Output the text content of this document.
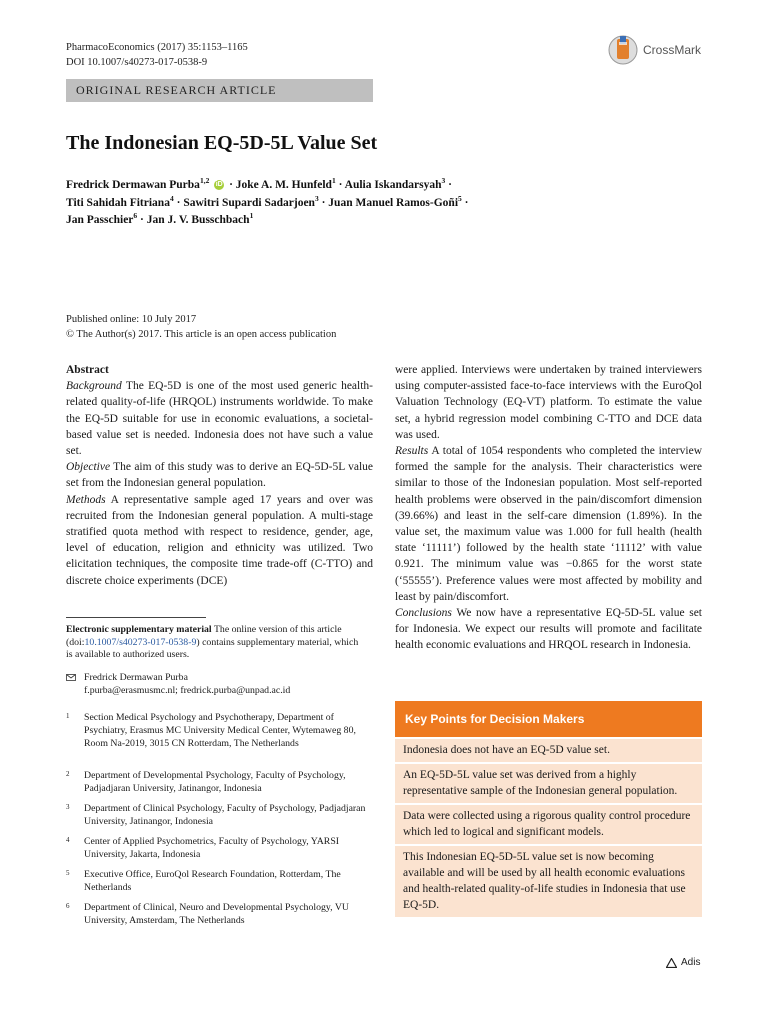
PharmacoEconomics (2017) 35:1153–1165
DOI 10.1007/s40273-017-0538-9
CrossMark
ORIGINAL RESEARCH ARTICLE
The Indonesian EQ-5D-5L Value Set
Fredrick Dermawan Purba$^{1,2}$ iD · Joke A. M. Hunfeld$^1$ · Aulia Iskandarsyah$^3$ ·
Titi Sahidah Fitriana$^4$ · Sawitri Supardi Sadarjoen$^3$ · Juan Manuel Ramos-Goñi$^5$ ·
Jan Passchier$^6$ · Jan J. V. Busschbach$^1$
Published online: 10 July 2017
© The Author(s) 2017. This article is an open access publication

Abstract

Background The EQ-5D is one of the most used generic health-related quality-of-life (HRQOL) instruments worldwide. To make the EQ-5D suitable for use in economic evaluations, a societal-based value set is needed. Indonesia does not have such a value set.

Objective The aim of this study was to derive an EQ-5D-5L value set from the Indonesian general population.

Methods A representative sample aged 17 years and over was recruited from the Indonesian general population. A multi-stage stratified quota method with respect to residence, gender, age, level of education, religion and ethnicity was utilized. Two elicitation techniques, the composite time trade-off (C-TTO) and discrete choice experiments (DCE)

were applied. Interviews were undertaken by trained interviewers using computer-assisted face-to-face interviews with the EuroQol Valuation Technology (EQ-VT) platform. To estimate the value set, a hybrid regression model combining C-TTO and DCE data was used.

Results A total of 1054 respondents who completed the interview formed the sample for the analysis. Their characteristics were similar to those of the Indonesian population. Most self-reported health problems were observed in the pain/discomfort dimension (39.66%) and least in the self-care dimension (1.89%). In the value set, the maximum value was 1.000 for full health (health state ‘11111’) followed by the health state ‘11112’ with value 0.921. The minimum value was −0.865 for the worst state (‘55555’). Preference values were most affected by mobility and least by pain/discomfort.

Conclusions We now have a representative EQ-5D-5L value set for Indonesia. We expect our results will promote and facilitate health economic evaluations and HRQOL research in Indonesia.

Electronic supplementary material The online version of this article (doi:10.1007/s40273-017-0538-9) contains supplementary material, which is available to authorized users.
Fredrick Dermawan Purba
f.purba@erasmusmc.nl; fredrick.purba@unpad.ac.id
1 Section Medical Psychology and Psychotherapy, Department of Psychiatry, Erasmus MC University Medical Center, Wytemaweg 80, Room Na-2019, 3015 CN Rotterdam, The Netherlands
2 Department of Developmental Psychology, Faculty of Psychology, Padjadjaran University, Jatinangor, Indonesia
3 Department of Clinical Psychology, Faculty of Psychology, Padjadjaran University, Jatinangor, Indonesia
4 Center of Applied Psychometrics, Faculty of Psychology, YARSI University, Jakarta, Indonesia
5 Executive Office, EuroQol Research Foundation, Rotterdam, The Netherlands
6 Department of Clinical, Neuro and Developmental Psychology, VU University, Amsterdam, The Netherlands
Key Points for Decision Makers
Indonesia does not have an EQ-5D value set.
An EQ-5D-5L value set was derived from a highly representative sample of the Indonesian general population.
Data were collected using a rigorous quality control procedure which led to logical and significant models.
This Indonesian EQ-5D-5L value set is now becoming available and will be used by all health economic evaluations and health-related quality-of-life studies in Indonesia that use EQ-5D.
Adis
